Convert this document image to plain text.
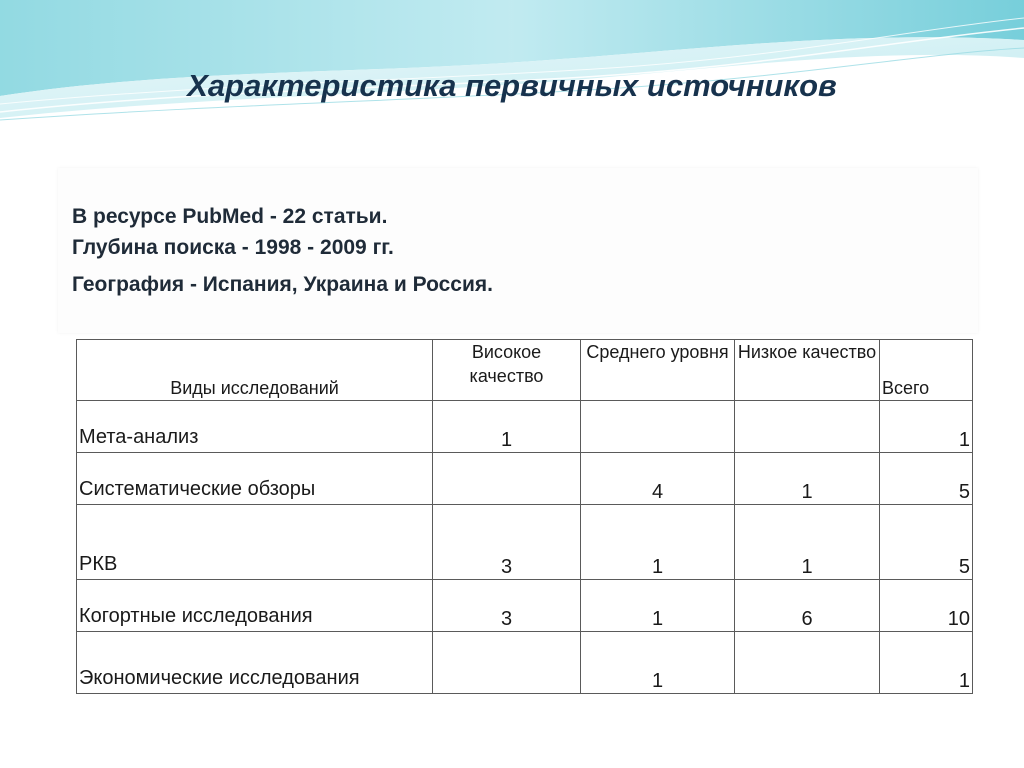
Характеристика первичных источников
В ресурсе PubMed - 22 статьи.
Глубина поиска - 1998 - 2009 гг.
География - Испания, Украина и Россия.
Виды исследований	Високое качество	Среднего уровня	Низкое качество	Всего
Мета-анализ	1			1
Систематические обзоры		4	1	5
РКВ	3	1	1	5
Когортные исследования	3	1	6	10
Экономические исследования		1		1
